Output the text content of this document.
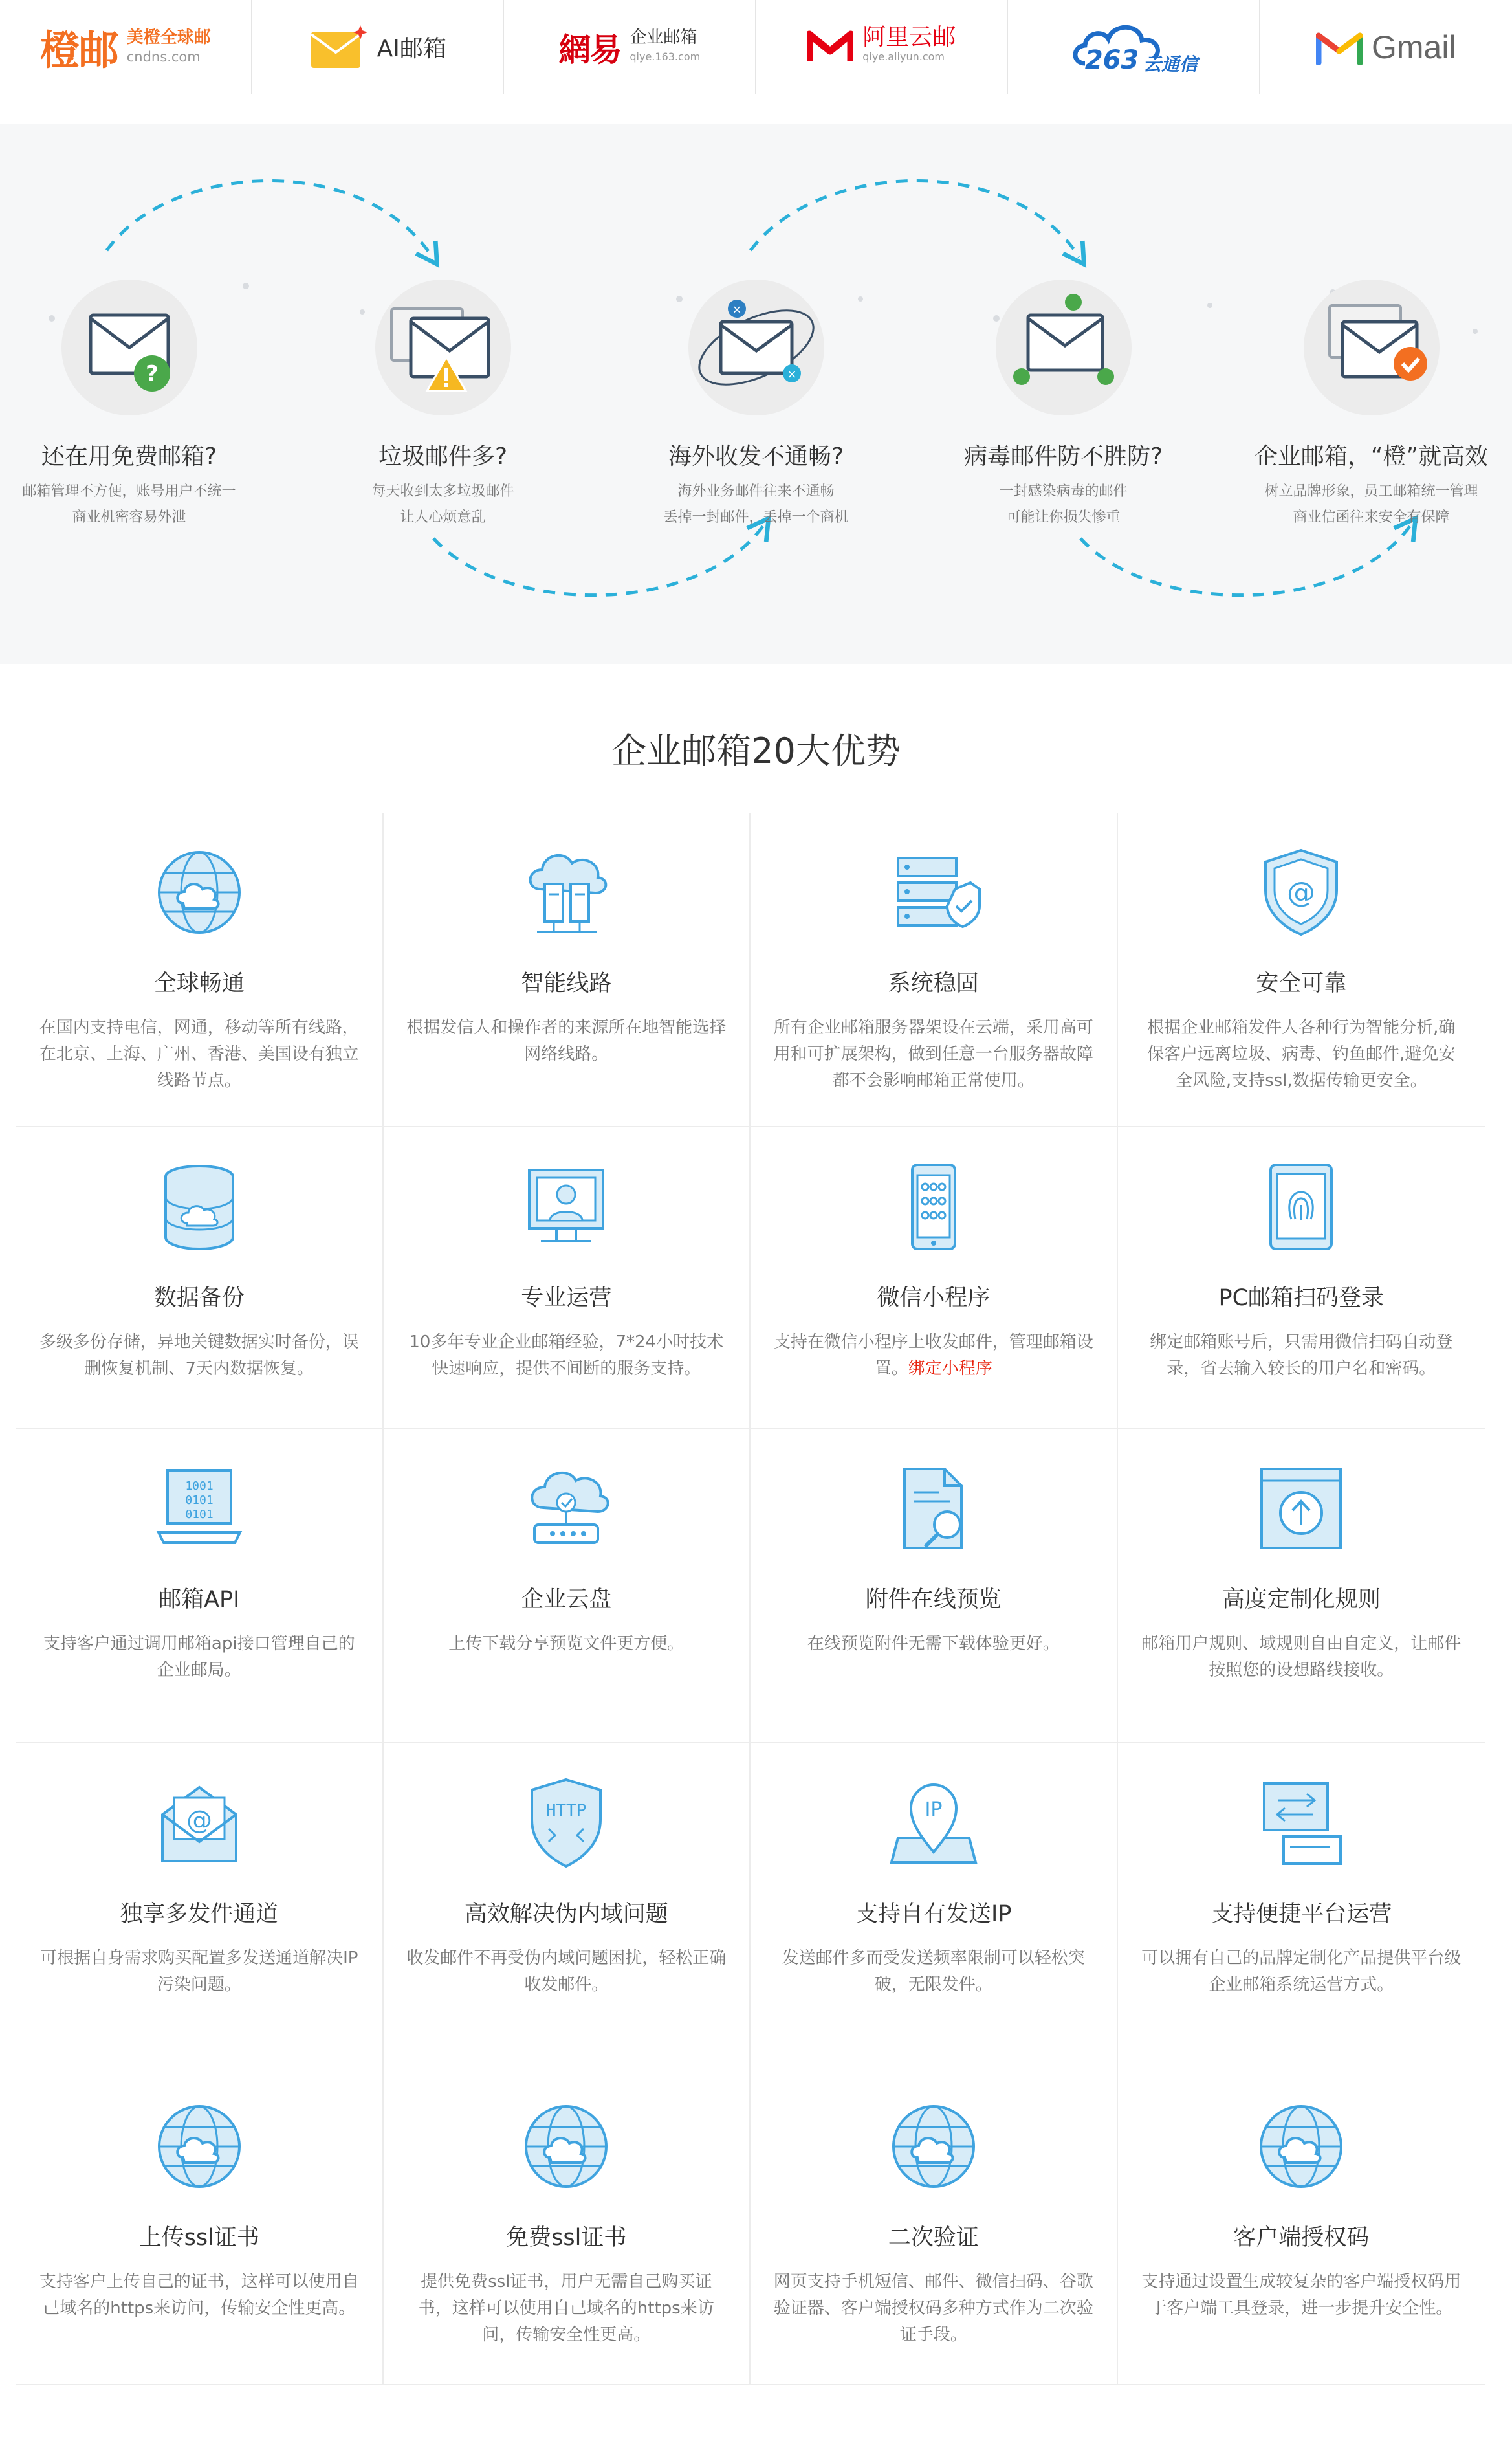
橙邮 美橙全球邮
cndns.com	AI邮箱	網易 企业邮箱
qiye.163.com
阿里云邮
qiye.aliyun.com	263 云通信	Gmail
?
还在用免费邮箱?
邮箱管理不方便，账号用户不统一
商业机密容易外泄
垃圾邮件多?
每天收到太多垃圾邮件
让人心烦意乱
×
×
海外收发不通畅?
海外业务邮件往来不通畅
丢掉一封邮件，丢掉一个商机
病毒邮件防不胜防?
一封感染病毒的邮件
可能让你损失惨重
企业邮箱，“橙”就高效
树立品牌形象，员工邮箱统一管理
商业信函往来安全有保障
企业邮箱20大优势
全球畅通
在国内支持电信，网通，移动等所有线路，在北京、上海、广州、香港、美国设有独立线路节点。
智能线路
根据发信人和操作者的来源所在地智能选择网络线路。
系统稳固
所有企业邮箱服务器架设在云端，采用高可用和可扩展架构，做到任意一台服务器故障都不会影响邮箱正常使用。
@
安全可靠
根据企业邮箱发件人各种行为智能分析,确保客户远离垃圾、病毒、钓鱼邮件,避免安全风险,支持ssl,数据传输更安全。
数据备份
多级多份存储，异地关键数据实时备份，误删恢复机制、7天内数据恢复。
专业运营
10多年专业企业邮箱经验，7*24小时技术快速响应，提供不间断的服务支持。
微信小程序
支持在微信小程序上收发邮件，管理邮箱设置。绑定小程序
PC邮箱扫码登录
绑定邮箱账号后，只需用微信扫码自动登录，省去输入较长的用户名和密码。
1001
0101
0101
邮箱API
支持客户通过调用邮箱api接口管理自己的企业邮局。
企业云盘
上传下载分享预览文件更方便。
附件在线预览
在线预览附件无需下载体验更好。
高度定制化规则
邮箱用户规则、域规则自由自定义，让邮件按照您的设想路线接收。
@
独享多发件通道
可根据自身需求购买配置多发送通道解决IP污染问题。
HTTP
高效解决伪内域问题
收发邮件不再受伪内域问题困扰，轻松正确收发邮件。
IP
支持自有发送IP
发送邮件多而受发送频率限制可以轻松突破，无限发件。
支持便捷平台运营
可以拥有自己的品牌定制化产品提供平台级企业邮箱系统运营方式。
上传ssl证书
支持客户上传自己的证书，这样可以使用自己域名的https来访问，传输安全性更高。
免费ssl证书
提供免费ssl证书，用户无需自己购买证书，这样可以使用自己域名的https来访问，传输安全性更高。
二次验证
网页支持手机短信、邮件、微信扫码、谷歌验证器、客户端授权码多种方式作为二次验证手段。
客户端授权码
支持通过设置生成较复杂的客户端授权码用于客户端工具登录，进一步提升安全性。
